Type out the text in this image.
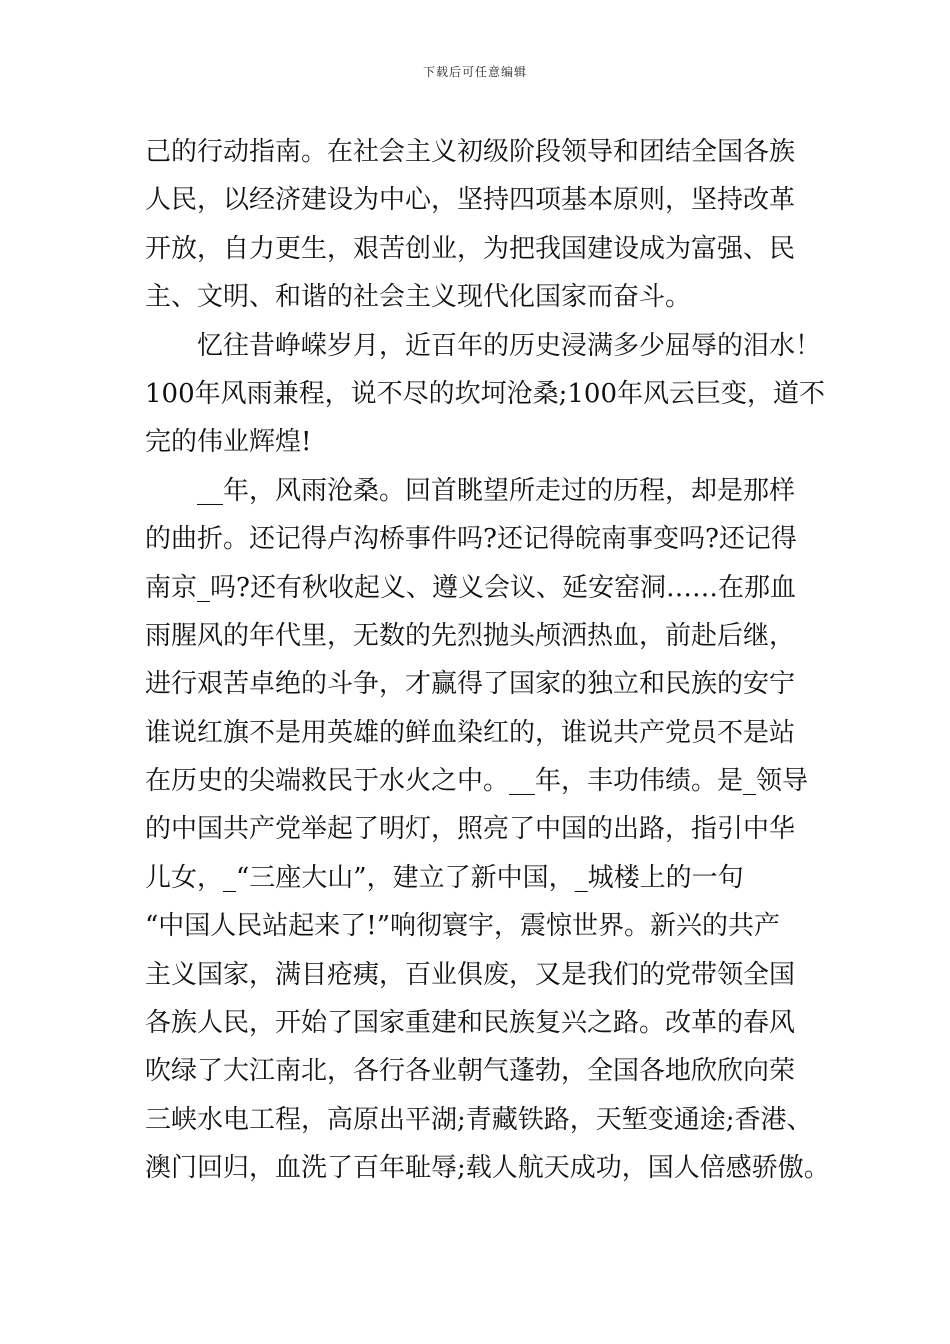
下载后可任意编辑
己的行动指南。在社会主义初级阶段领导和团结全国各族
人民，以经济建设为中心，坚持四项基本原则，坚持改革
开放，自力更生，艰苦创业，为把我国建设成为富强、民
主、文明、和谐的社会主义现代化国家而奋斗。
忆往昔峥嵘岁月，近百年的历史浸满多少屈辱的泪水！
100年风雨兼程，说不尽的坎坷沧桑;100年风云巨变，道不
完的伟业辉煌!
__年，风雨沧桑。回首眺望所走过的历程，却是那样
的曲折。还记得卢沟桥事件吗?还记得皖南事变吗?还记得
南京_吗?还有秋收起义、遵义会议、延安窑洞……在那血
雨腥风的年代里，无数的先烈抛头颅洒热血，前赴后继，
进行艰苦卓绝的斗争，才赢得了国家的独立和民族的安宁
谁说红旗不是用英雄的鲜血染红的，谁说共产党员不是站
在历史的尖端救民于水火之中。__年，丰功伟绩。是_领导
的中国共产党举起了明灯，照亮了中国的出路，指引中华
儿女，_“三座大山”，建立了新中国，_城楼上的一句
“中国人民站起来了!”响彻寰宇，震惊世界。新兴的共产
主义国家，满目疮痍，百业俱废，又是我们的党带领全国
各族人民，开始了国家重建和民族复兴之路。改革的春风
吹绿了大江南北，各行各业朝气蓬勃，全国各地欣欣向荣
三峡水电工程，高原出平湖;青藏铁路，天堑变通途;香港、
澳门回归，血洗了百年耻辱;载人航天成功，国人倍感骄傲。
